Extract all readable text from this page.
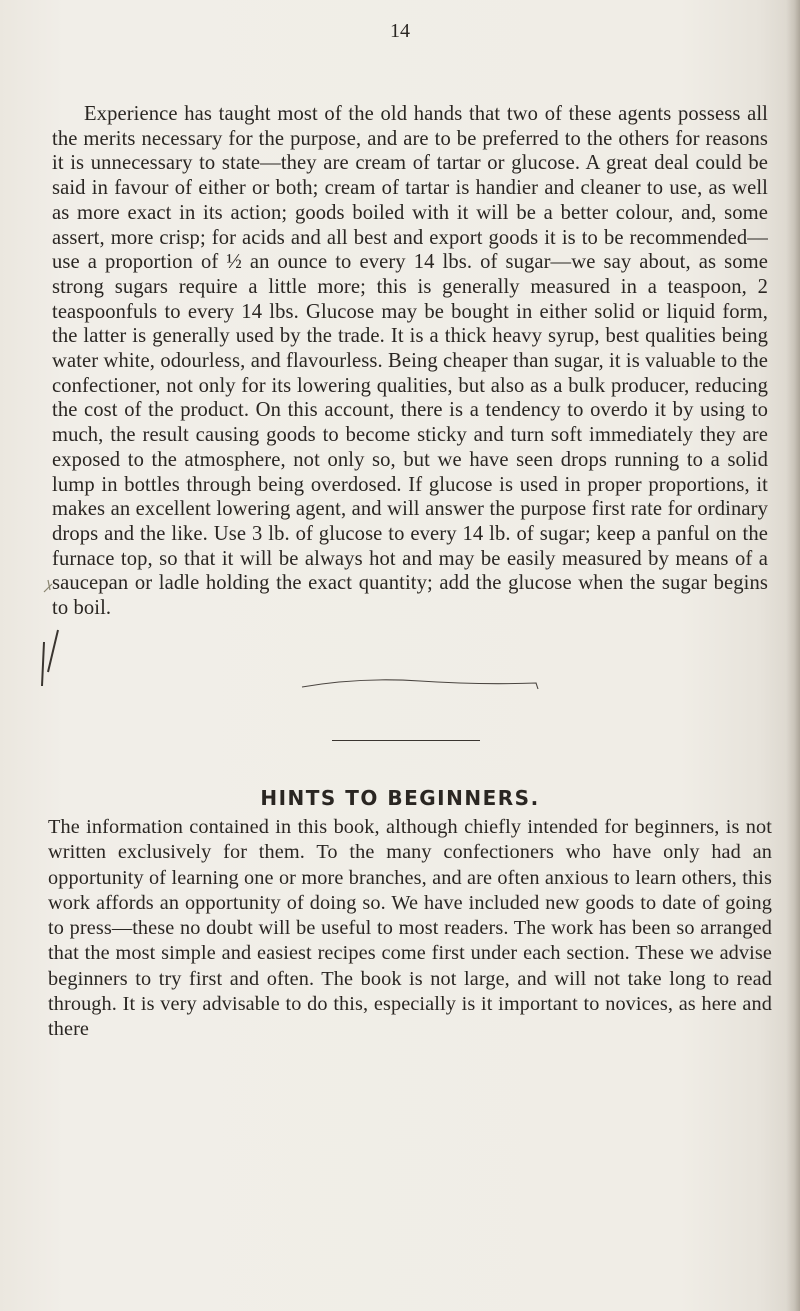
14

Experience has taught most of the old hands that two of these agents possess all the merits necessary for the purpose, and are to be preferred to the others for reasons it is unnecessary to state—they are cream of tartar or glucose. A great deal could be said in favour of either or both; cream of tartar is handier and cleaner to use, as well as more exact in its action; goods boiled with it will be a better colour, and, some assert, more crisp; for acids and all best and export goods it is to be recommended—use a proportion of ½ an ounce to every 14 lbs. of sugar—we say about, as some strong sugars require a little more; this is generally measured in a teaspoon, 2 teaspoonfuls to every 14 lbs. Glucose may be bought in either solid or liquid form, the latter is generally used by the trade. It is a thick heavy syrup, best qualities being water white, odourless, and flavourless. Being cheaper than sugar, it is valuable to the confectioner, not only for its lowering qualities, but also as a bulk producer, reducing the cost of the product. On this account, there is a tendency to overdo it by using to much, the result causing goods to become sticky and turn soft immediately they are exposed to the atmosphere, not only so, but we have seen drops running to a solid lump in bottles through being overdosed. If glucose is used in proper proportions, it makes an excellent lowering agent, and will answer the purpose first rate for ordinary drops and the like. Use 3 lb. of glucose to every 14 lb. of sugar; keep a panful on the furnace top, so that it will be always hot and may be easily measured by means of a saucepan or ladle holding the exact quantity; add the glucose when the sugar begins to boil.

HINTS TO BEGINNERS.

The information contained in this book, although chiefly intended for beginners, is not written exclusively for them. To the many confectioners who have only had an opportunity of learning one or more branches, and are often anxious to learn others, this work affords an opportunity of doing so. We have included new goods to date of going to press—these no doubt will be useful to most readers. The work has been so arranged that the most simple and easiest recipes come first under each section. These we advise beginners to try first and often. The book is not large, and will not take long to read through. It is very advisable to do this, especially is it important to novices, as here and there
